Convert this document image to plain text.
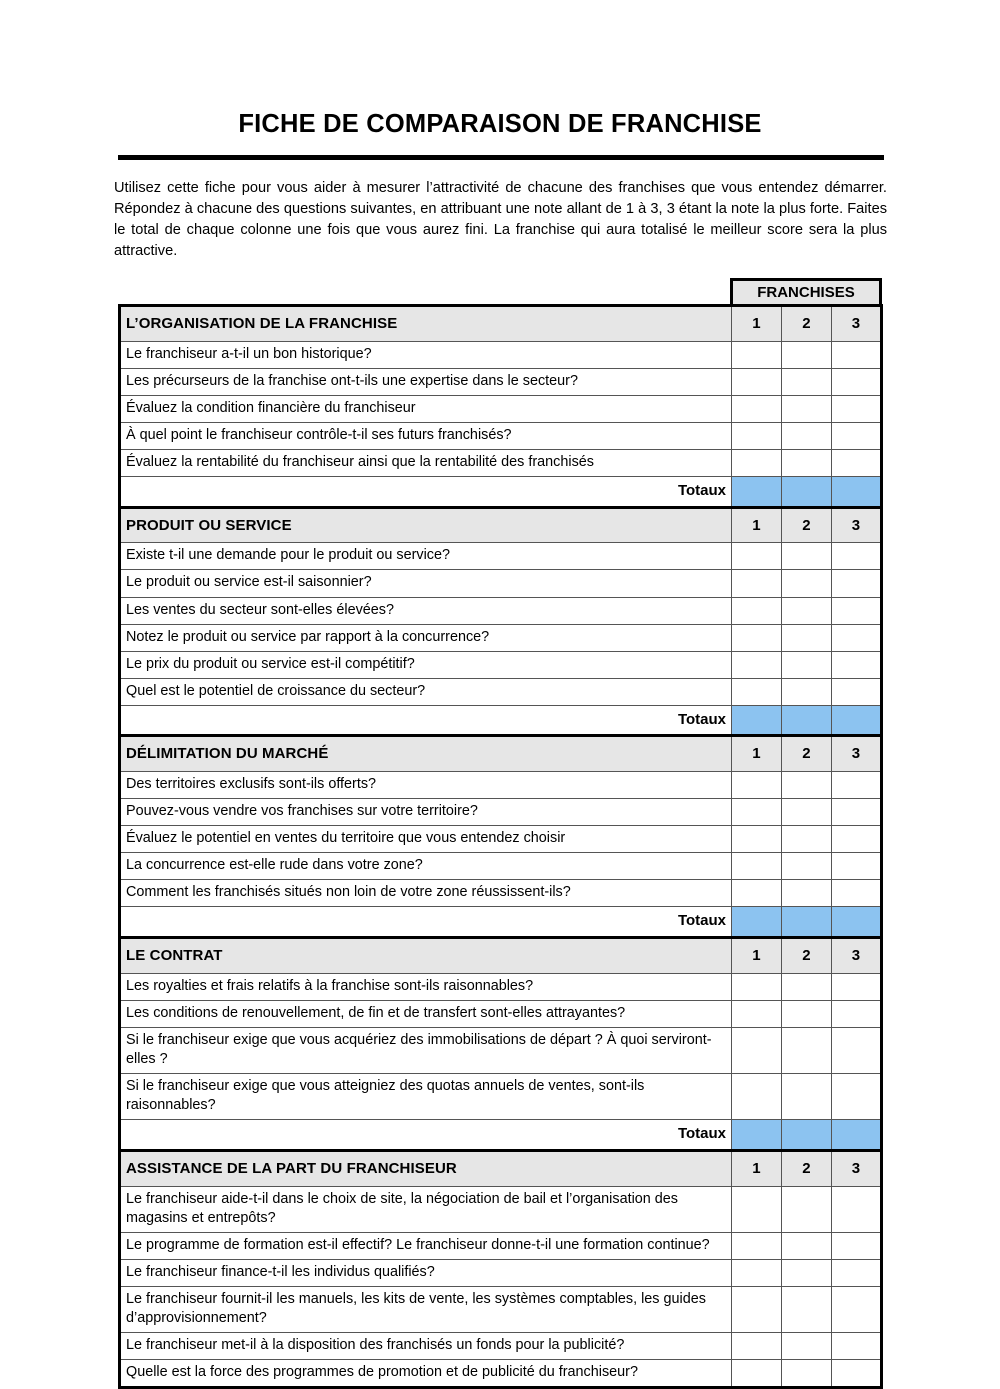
FICHE DE COMPARAISON DE FRANCHISE
Utilisez cette fiche pour vous aider à mesurer l’attractivité de chacune des franchises que vous entendez démarrer. Répondez à chacune des questions suivantes, en attribuant une note allant de 1 à 3, 3 étant la note la plus forte. Faites le total de chaque colonne une fois que vous aurez fini. La franchise qui aura totalisé le meilleur score sera la plus attractive.
FRANCHISES
L’ORGANISATION DE LA FRANCHISE	1	2	3
Le franchiseur a-t-il un bon historique?			
Les précurseurs de la franchise ont-t-ils une expertise dans le secteur?			
Évaluez la condition financière du franchiseur			
À quel point le franchiseur contrôle-t-il ses futurs franchisés?			
Évaluez la rentabilité du franchiseur ainsi que la rentabilité des franchisés			
Totaux			
PRODUIT OU SERVICE	1	2	3
Existe t-il une demande pour le produit ou service?			
Le produit ou service est-il saisonnier?			
Les ventes du secteur sont-elles élevées?			
Notez le produit ou service par rapport à la concurrence?			
Le prix du produit ou service est-il compétitif?			
Quel est le potentiel de croissance du secteur?			
Totaux			
DÉLIMITATION DU MARCHÉ	1	2	3
Des territoires exclusifs sont-ils offerts?			
Pouvez-vous vendre vos franchises sur votre territoire?			
Évaluez le potentiel en ventes du territoire que vous entendez choisir			
La concurrence est-elle rude dans votre zone?			
Comment les franchisés situés non loin de votre zone réussissent-ils?			
Totaux			
LE CONTRAT	1	2	3
Les royalties et frais relatifs à la franchise sont-ils raisonnables?			
Les conditions de renouvellement, de fin et de transfert sont-elles attrayantes?			
Si le franchiseur exige que vous acquériez des immobilisations de départ ? À quoi serviront-elles ?			
Si le franchiseur exige que vous atteigniez des quotas annuels de ventes, sont-ils raisonnables?			
Totaux			
ASSISTANCE DE LA PART DU FRANCHISEUR	1	2	3
Le franchiseur aide-t-il dans le choix de site, la négociation de bail et l’organisation des magasins et entrepôts?			
Le programme de formation est-il effectif? Le franchiseur donne-t-il une formation continue?			
Le franchiseur finance-t-il les individus qualifiés?			
Le franchiseur fournit-il les manuels, les kits de vente, les systèmes comptables, les guides d’approvisionnement?			
Le franchiseur met-il à la disposition des franchisés un fonds pour la publicité?			
Quelle est la force des programmes de promotion et de publicité du franchiseur?			
